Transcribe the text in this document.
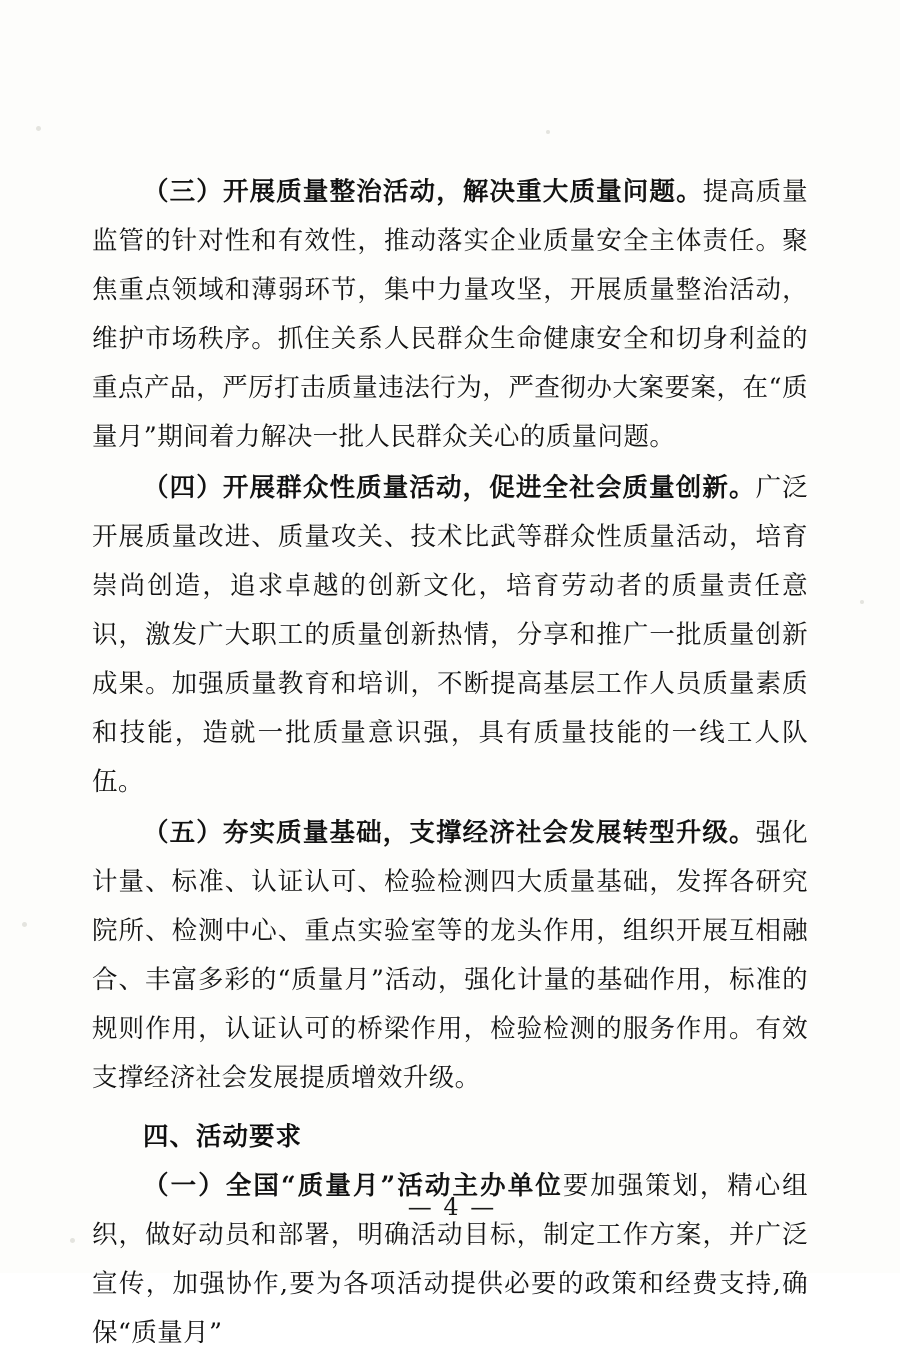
（三）开展质量整治活动，解决重大质量问题。提高质量监管的针对性和有效性，推动落实企业质量安全主体责任。聚焦重点领域和薄弱环节，集中力量攻坚，开展质量整治活动，维护市场秩序。抓住关系人民群众生命健康安全和切身利益的重点产品，严厉打击质量违法行为，严查彻办大案要案，在“质量月”期间着力解决一批人民群众关心的质量问题。

（四）开展群众性质量活动，促进全社会质量创新。广泛开展质量改进、质量攻关、技术比武等群众性质量活动，培育崇尚创造，追求卓越的创新文化，培育劳动者的质量责任意识，激发广大职工的质量创新热情，分享和推广一批质量创新成果。加强质量教育和培训，不断提高基层工作人员质量素质和技能，造就一批质量意识强，具有质量技能的一线工人队伍。

（五）夯实质量基础，支撑经济社会发展转型升级。强化计量、标准、认证认可、检验检测四大质量基础，发挥各研究院所、检测中心、重点实验室等的龙头作用，组织开展互相融合、丰富多彩的“质量月”活动，强化计量的基础作用，标准的规则作用，认证认可的桥梁作用，检验检测的服务作用。有效支撑经济社会发展提质增效升级。

四、活动要求

（一）全国“质量月”活动主办单位要加强策划，精心组织，做好动员和部署，明确活动目标，制定工作方案，并广泛宣传，加强协作,要为各项活动提供必要的政策和经费支持,确保“质量月”

— 4 —
